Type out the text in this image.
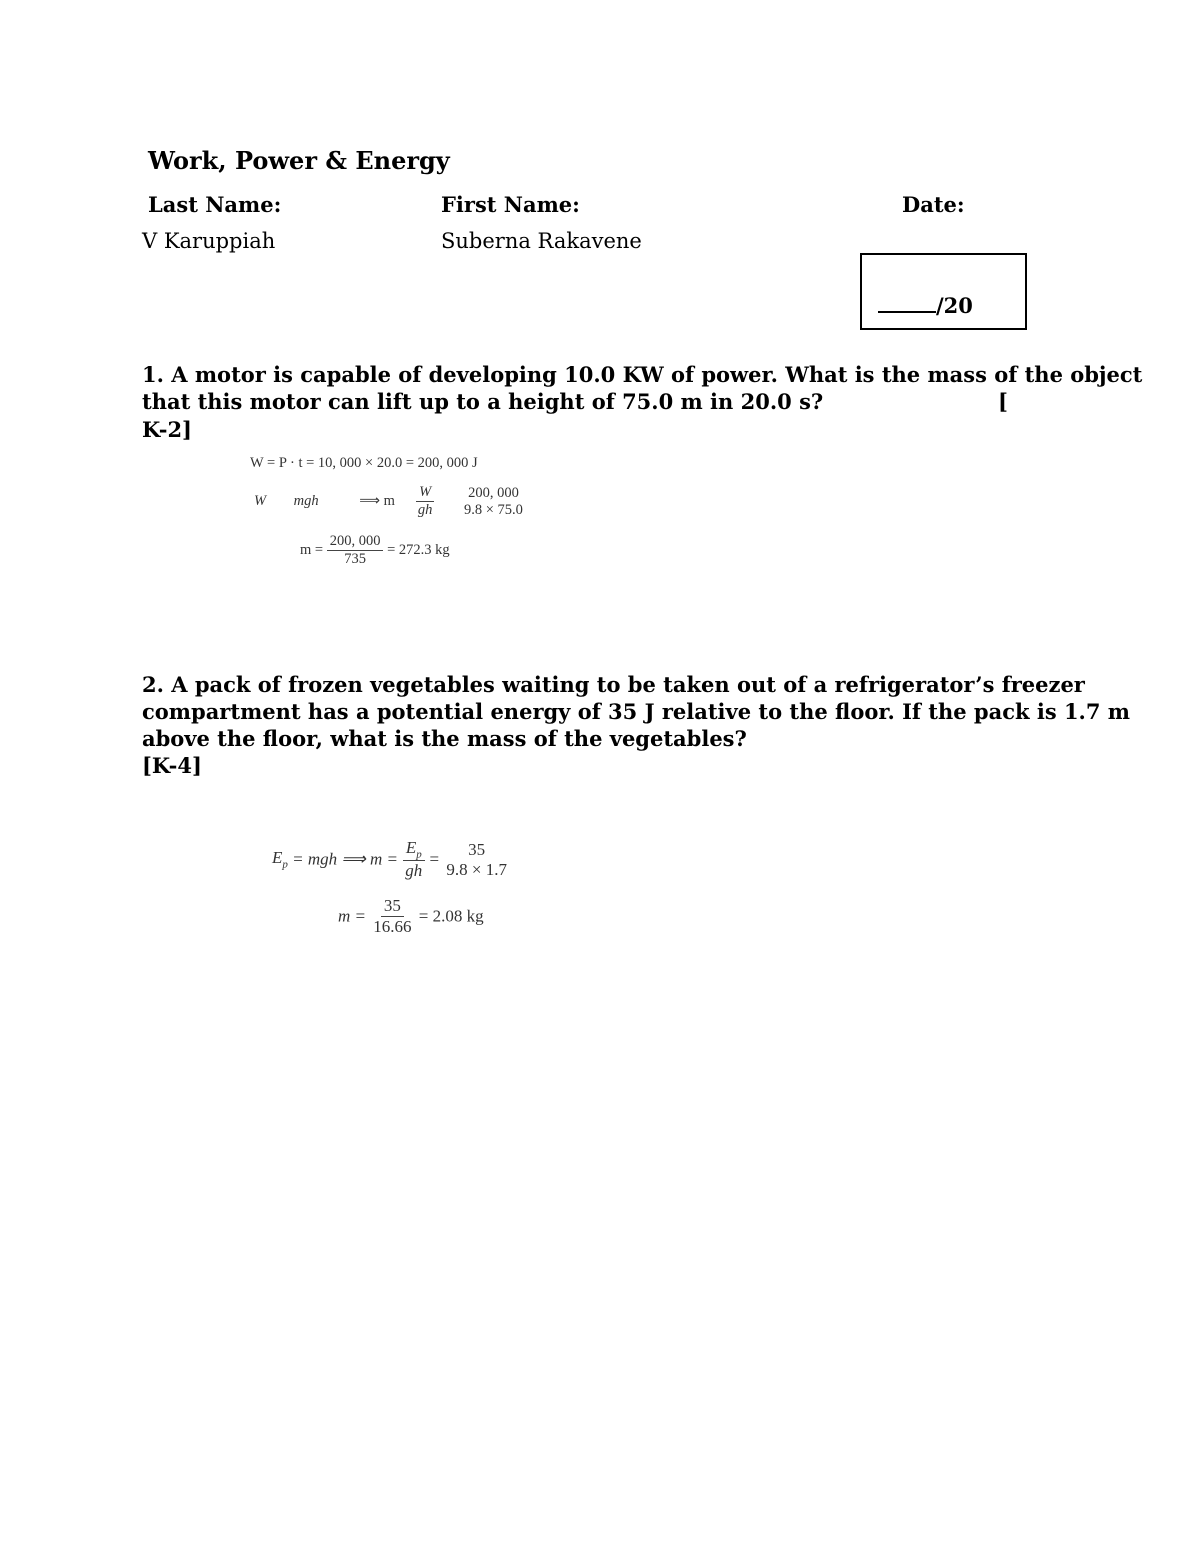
Work, Power & Energy
Last Name:	First Name:	Date:
V Karuppiah	Suberna Rakavene
/20
1. A motor is capable of developing 10.0 KW of power. What is the mass of the object
that this motor can lift up to a height of 75.0 m in 20.0 s?	[
K-2]
W = P · t = 10, 000 × 20.0 = 200, 000 J
W mgh	⟹ m $\frac{W}{gh}$
200, 000
9.8 × 75.0
$m = \frac{200, 000}{735} = 272.3$ kg
2. A pack of frozen vegetables waiting to be taken out of a refrigerator’s freezer
compartment has a potential energy of 35 J relative to the floor. If the pack is 1.7 m
above the floor, what is the mass of the vegetables?
[K-4]
$E_p$ = mgh ⟹ $m = \frac{E_p}{gh}$ =
35
9.8 × 1.7
$m = \frac{35}{16.66} = 2.08$ kg
